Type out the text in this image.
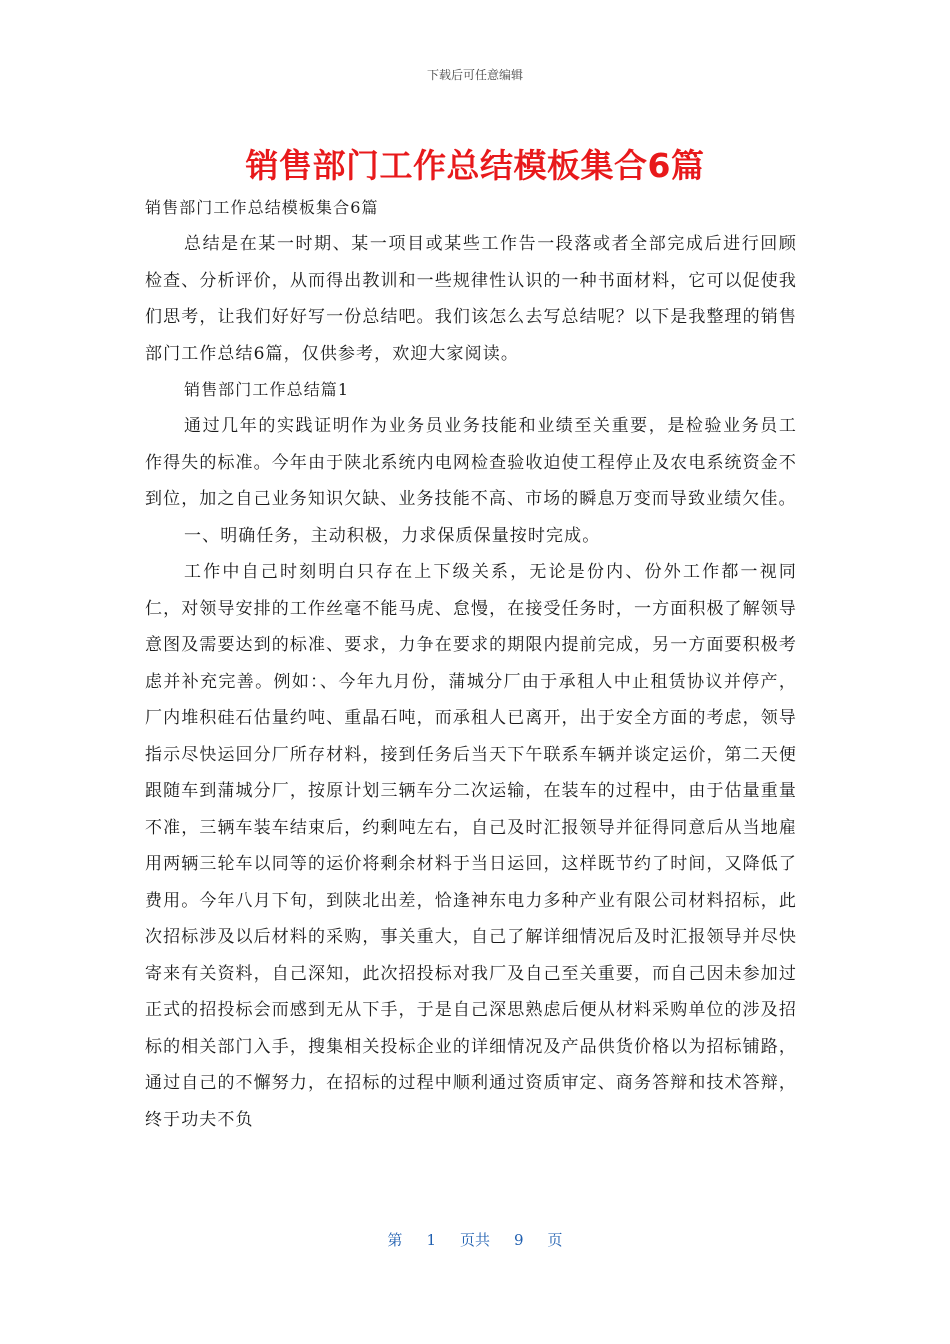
下载后可任意编辑
销售部门工作总结模板集合6篇

销售部门工作总结模板集合6篇

总结是在某一时期、某一项目或某些工作告一段落或者全部完成后进行回顾检查、分析评价，从而得出教训和一些规律性认识的一种书面材料，它可以促使我们思考，让我们好好写一份总结吧。我们该怎么去写总结呢？以下是我整理的销售部门工作总结6篇，仅供参考，欢迎大家阅读。

销售部门工作总结篇1

通过几年的实践证明作为业务员业务技能和业绩至关重要，是检验业务员工作得失的标准。今年由于陕北系统内电网检查验收迫使工程停止及农电系统资金不到位，加之自己业务知识欠缺、业务技能不高、市场的瞬息万变而导致业绩欠佳。

一、明确任务，主动积极，力求保质保量按时完成。

工作中自己时刻明白只存在上下级关系，无论是份内、份外工作都一视同仁，对领导安排的工作丝毫不能马虎、怠慢，在接受任务时，一方面积极了解领导意图及需要达到的标准、要求，力争在要求的期限内提前完成，另一方面要积极考虑并补充完善。例如：、今年九月份，蒲城分厂由于承租人中止租赁协议并停产，厂内堆积硅石估量约吨、重晶石吨，而承租人已离开，出于安全方面的考虑，领导指示尽快运回分厂所存材料，接到任务后当天下午联系车辆并谈定运价，第二天便跟随车到蒲城分厂，按原计划三辆车分二次运输，在装车的过程中，由于估量重量不准，三辆车装车结束后，约剩吨左右，自己及时汇报领导并征得同意后从当地雇用两辆三轮车以同等的运价将剩余材料于当日运回，这样既节约了时间，又降低了费用。今年八月下旬，到陕北出差，恰逢神东电力多种产业有限公司材料招标，此次招标涉及以后材料的采购，事关重大，自己了解详细情况后及时汇报领导并尽快寄来有关资料，自己深知，此次招投标对我厂及自己至关重要，而自己因未参加过正式的招投标会而感到无从下手，于是自己深思熟虑后便从材料采购单位的涉及招标的相关部门入手，搜集相关投标企业的详细情况及产品供货价格以为招标铺路，通过自己的不懈努力，在招标的过程中顺利通过资质审定、商务答辩和技术答辩，终于功夫不负

第 1 页共 9 页
